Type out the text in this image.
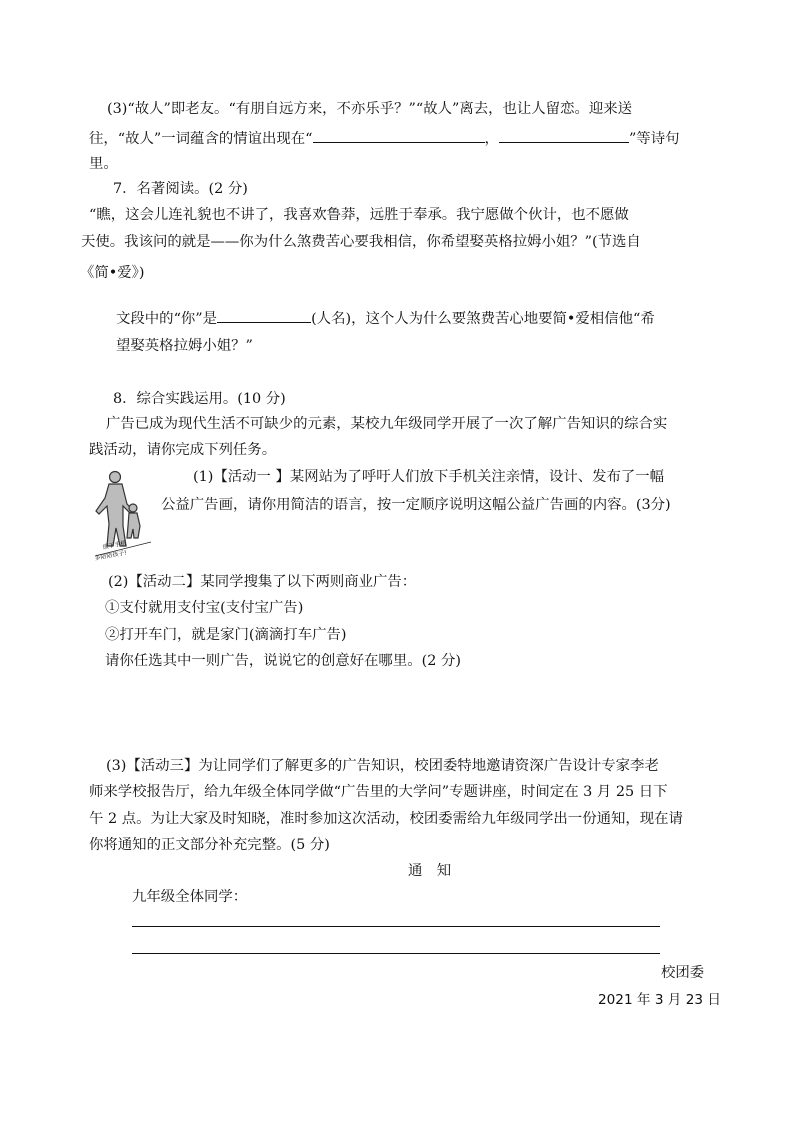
(3)“故人”即老友。“有朋自远方来，不亦乐乎？”“故人”离去，也让人留恋。迎来送
往，“故人”一词蕴含的情谊出现在“	，	”等诗句
里。
7．名著阅读。(2 分)
“瞧，这会儿连礼貌也不讲了，我喜欢鲁莽，远胜于奉承。我宁愿做个伙计，也不愿做
天使。我该问的就是——你为什么煞费苦心要我相信，你希望娶英格拉姆小姐？”(节选自
《简•爱》)
文段中的“你”是	(人名)，这个人为什么要煞费苦心地要简•爱相信他“希
望娶英格拉姆小姐？”
8．综合实践运用。(10 分)
广告已成为现代生活不可缺少的元素，某校九年级同学开展了一次了解广告知识的综合实
践活动，请你完成下列任务。
放下手机
多陪陪孩子!
(1)【活动一 】某网站为了呼吁人们放下手机关注亲情，设计、发布了一幅
公益广告画，请你用简洁的语言，按一定顺序说明这幅公益广告画的内容。(3分)
(2)【活动二】某同学搜集了以下两则商业广告：
①支付就用支付宝(支付宝广告)
②打开车门，就是家门(滴滴打车广告)
请你任选其中一则广告，说说它的创意好在哪里。(2 分)
(3)【活动三】为让同学们了解更多的广告知识，校团委特地邀请资深广告设计专家李老
师来学校报告厅，给九年级全体同学做“广告里的大学问”专题讲座，时间定在 3 月 25 日下
午 2 点。为让大家及时知晓，准时参加这次活动，校团委需给九年级同学出一份通知，现在请
你将通知的正文部分补充完整。(5 分)
通　知
九年级全体同学：
校团委
2021 年 3 月 23 日
